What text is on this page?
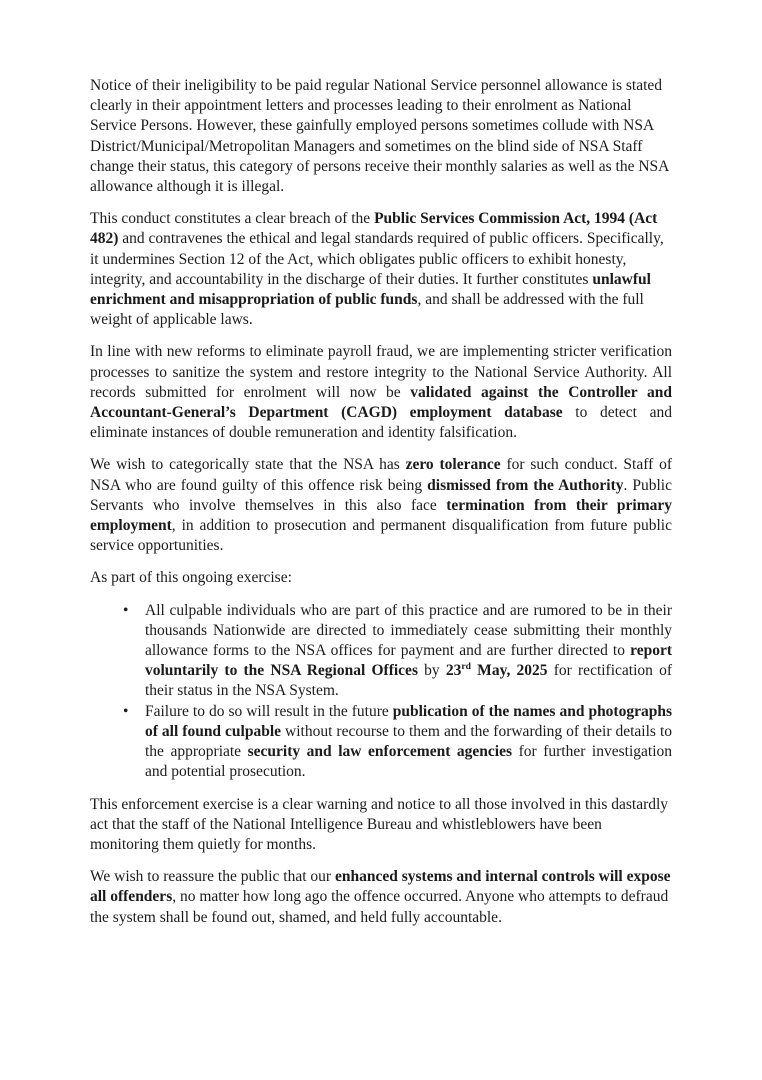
Notice of their ineligibility to be paid regular National Service personnel allowance is stated clearly in their appointment letters and processes leading to their enrolment as National Service Persons. However, these gainfully employed persons sometimes collude with NSA District/Municipal/Metropolitan Managers and sometimes on the blind side of NSA Staff change their status, this category of persons receive their monthly salaries as well as the NSA allowance although it is illegal.

This conduct constitutes a clear breach of the Public Services Commission Act, 1994 (Act 482) and contravenes the ethical and legal standards required of public officers. Specifically, it undermines Section 12 of the Act, which obligates public officers to exhibit honesty, integrity, and accountability in the discharge of their duties. It further constitutes unlawful enrichment and misappropriation of public funds, and shall be addressed with the full weight of applicable laws.

In line with new reforms to eliminate payroll fraud, we are implementing stricter verification processes to sanitize the system and restore integrity to the National Service Authority. All records submitted for enrolment will now be validated against the Controller and Accountant-General’s Department (CAGD) employment database to detect and eliminate instances of double remuneration and identity falsification.

We wish to categorically state that the NSA has zero tolerance for such conduct. Staff of NSA who are found guilty of this offence risk being dismissed from the Authority. Public Servants who involve themselves in this also face termination from their primary employment, in addition to prosecution and permanent disqualification from future public service opportunities.

As part of this ongoing exercise:

• All culpable individuals who are part of this practice and are rumored to be in their thousands Nationwide are directed to immediately cease submitting their monthly allowance forms to the NSA offices for payment and are further directed to report voluntarily to the NSA Regional Offices by 23rd May, 2025 for rectification of their status in the NSA System.
• Failure to do so will result in the future publication of the names and photographs of all found culpable without recourse to them and the forwarding of their details to the appropriate security and law enforcement agencies for further investigation and potential prosecution.

This enforcement exercise is a clear warning and notice to all those involved in this dastardly act that the staff of the National Intelligence Bureau and whistleblowers have been monitoring them quietly for months.

We wish to reassure the public that our enhanced systems and internal controls will expose all offenders, no matter how long ago the offence occurred. Anyone who attempts to defraud the system shall be found out, shamed, and held fully accountable.
